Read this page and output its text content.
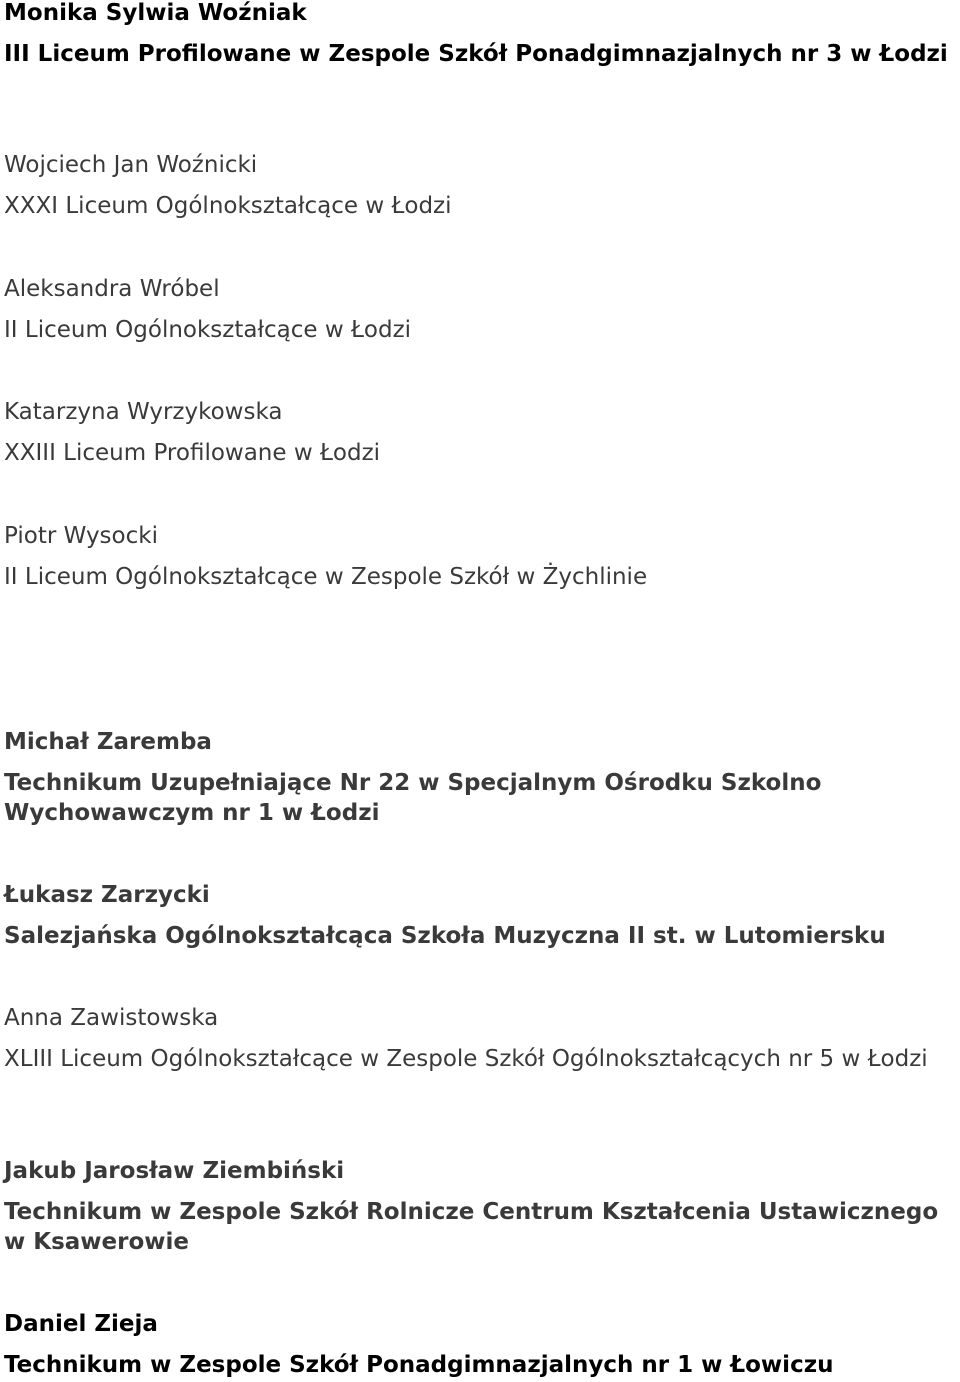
Monika Sylwia Woźniak

III Liceum Profilowane w Zespole Szkół Ponadgimnazjalnych nr 3 w Łodzi

Wojciech Jan Woźnicki

XXXI Liceum Ogólnokształcące w Łodzi

Aleksandra Wróbel

II Liceum Ogólnokształcące w Łodzi

Katarzyna Wyrzykowska

XXIII Liceum Profilowane w Łodzi

Piotr Wysocki

II Liceum Ogólnokształcące w Zespole Szkół w Żychlinie

Michał Zaremba

Technikum Uzupełniające Nr 22 w Specjalnym Ośrodku Szkolno Wychowawczym nr 1 w Łodzi

Łukasz Zarzycki

Salezjańska Ogólnokształcąca Szkoła Muzyczna II st. w Lutomiersku

Anna Zawistowska

XLIII Liceum Ogólnokształcące w Zespole Szkół Ogólnokształcących nr 5 w Łodzi

Jakub Jarosław Ziembiński

Technikum w Zespole Szkół Rolnicze Centrum Kształcenia Ustawicznego w Ksawerowie

Daniel Zieja

Technikum w Zespole Szkół Ponadgimnazjalnych nr 1 w Łowiczu
